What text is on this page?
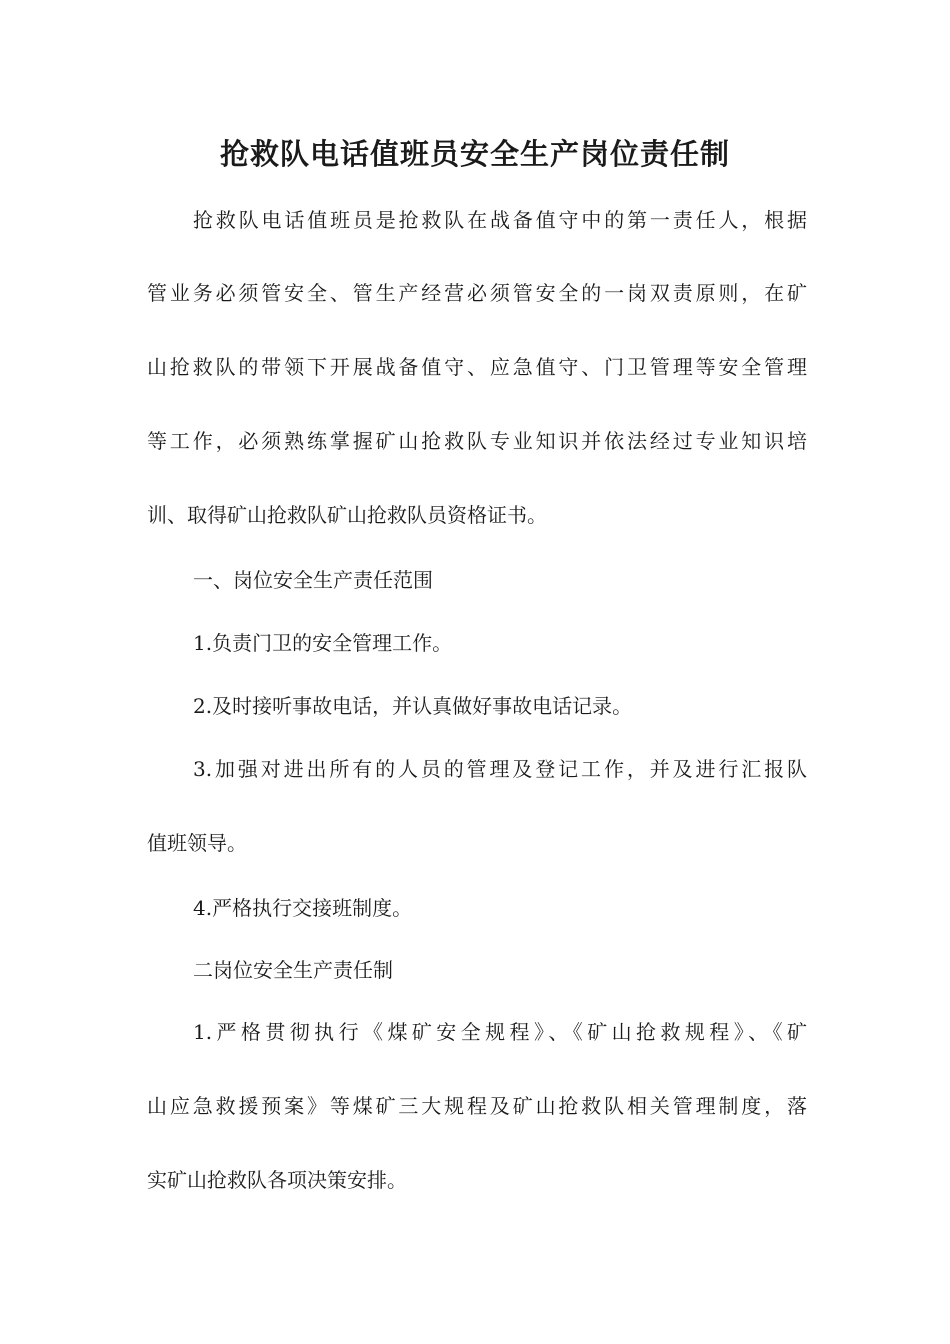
抢救队电话值班员安全生产岗位责任制

抢救队电话值班员是抢救队在战备值守中的第一责任人，根据

管业务必须管安全、管生产经营必须管安全的一岗双责原则，在矿

山抢救队的带领下开展战备值守、应急值守、门卫管理等安全管理

等工作，必须熟练掌握矿山抢救队专业知识并依法经过专业知识培

训、取得矿山抢救队矿山抢救队员资格证书。

一、岗位安全生产责任范围

1.负责门卫的安全管理工作。

2.及时接听事故电话，并认真做好事故电话记录。

3.加强对进出所有的人员的管理及登记工作，并及进行汇报队

值班领导。

4.严格执行交接班制度。

二岗位安全生产责任制

1.严格贯彻执行《煤矿安全规程》、《矿山抢救规程》、《矿

山应急救援预案》等煤矿三大规程及矿山抢救队相关管理制度，落

实矿山抢救队各项决策安排。
